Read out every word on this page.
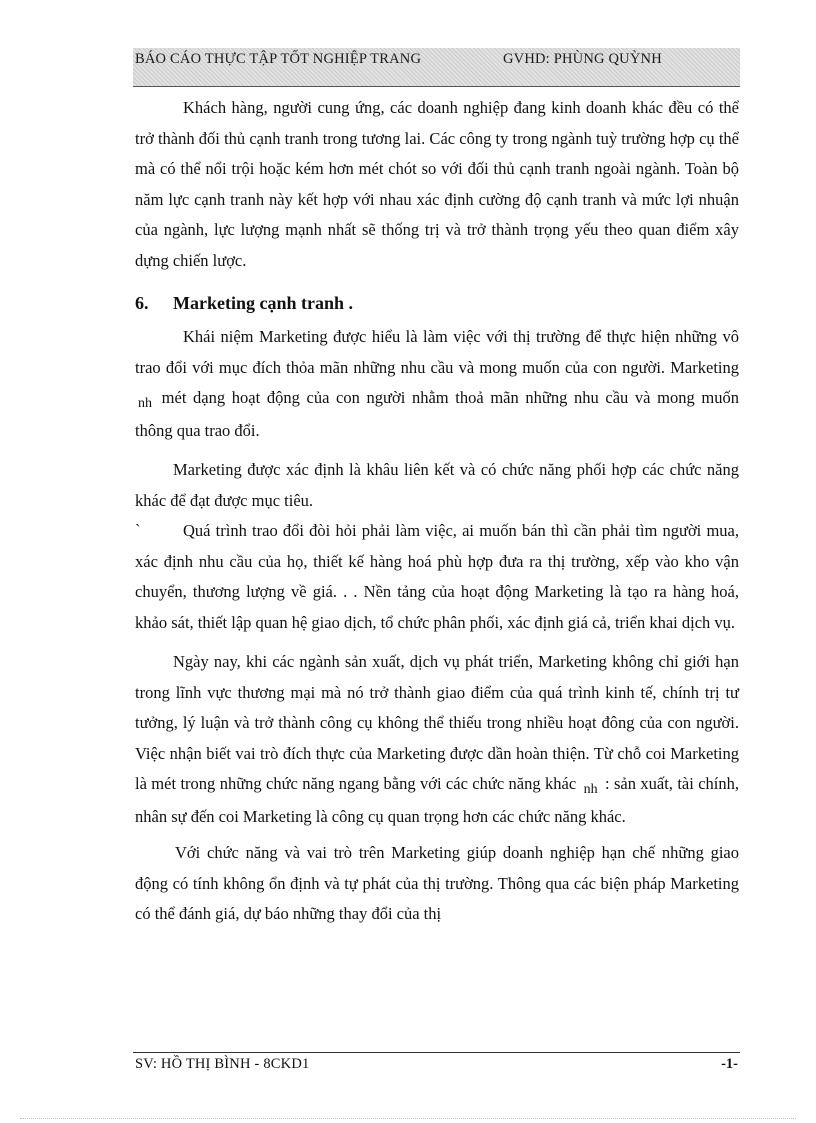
BÁO CÁO THỰC TẬP TỐT NGHIỆP TRANG	GVHD: PHÙNG QUỲNH

Khách hàng, người cung ứng, các doanh nghiệp đang kinh doanh khác đều có thể trở thành đối thủ cạnh tranh trong tương lai. Các công ty trong ngành tuỳ trường hợp cụ thể mà có thể nổi trội hoặc kém hơn mét chót so với đối thủ cạnh tranh ngoài ngành. Toàn bộ năm lực cạnh tranh này kết hợp với nhau xác định cường độ cạnh tranh và mức lợi nhuận của ngành, lực lượng mạnh nhất sẽ thống trị và trở thành trọng yếu theo quan điểm xây dựng chiến lược.

6. Marketing cạnh tranh .

Khái niệm Marketing được hiểu là làm việc với thị trường để thực hiện những vô trao đổi với mục đích thỏa mãn những nhu cầu và mong muốn của con người. Marketing $_{nh}$ mét dạng hoạt động của con người nhằm thoả mãn những nhu cầu và mong muốn thông qua trao đổi.

Marketing được xác định là khâu liên kết và có chức năng phối hợp các chức năng khác để đạt được mục tiêu.

`	Quá trình trao đổi đòi hỏi phải làm việc, ai muốn bán thì cần phải tìm người mua, xác định nhu cầu của họ, thiết kế hàng hoá phù hợp đưa ra thị trường, xếp vào kho vận chuyển, thương lượng về giá. . . Nền tảng của hoạt động Marketing là tạo ra hàng hoá, khảo sát, thiết lập quan hệ giao dịch, tổ chức phân phối, xác định giá cả, triển khai dịch vụ.

Ngày nay, khi các ngành sản xuất, dịch vụ phát triển, Marketing không chỉ giới hạn trong lĩnh vực thương mại mà nó trở thành giao điểm của quá trình kinh tế, chính trị tư tưởng, lý luận và trở thành công cụ không thể thiếu trong nhiều hoạt đông của con người. Việc nhận biết vai trò đích thực của Marketing được dần hoàn thiện. Từ chỗ coi Marketing là mét trong những chức năng ngang bằng với các chức năng khác $_{nh}$ : sản xuất, tài chính, nhân sự đến coi Marketing là công cụ quan trọng hơn các chức năng khác.

Với chức năng và vai trò trên Marketing giúp doanh nghiệp hạn chế những giao động có tính không ổn định và tự phát của thị trường. Thông qua các biện pháp Marketing có thể đánh giá, dự báo những thay đổi của thị

SV: HỒ THỊ BÌNH - 8CKD1	-1-
